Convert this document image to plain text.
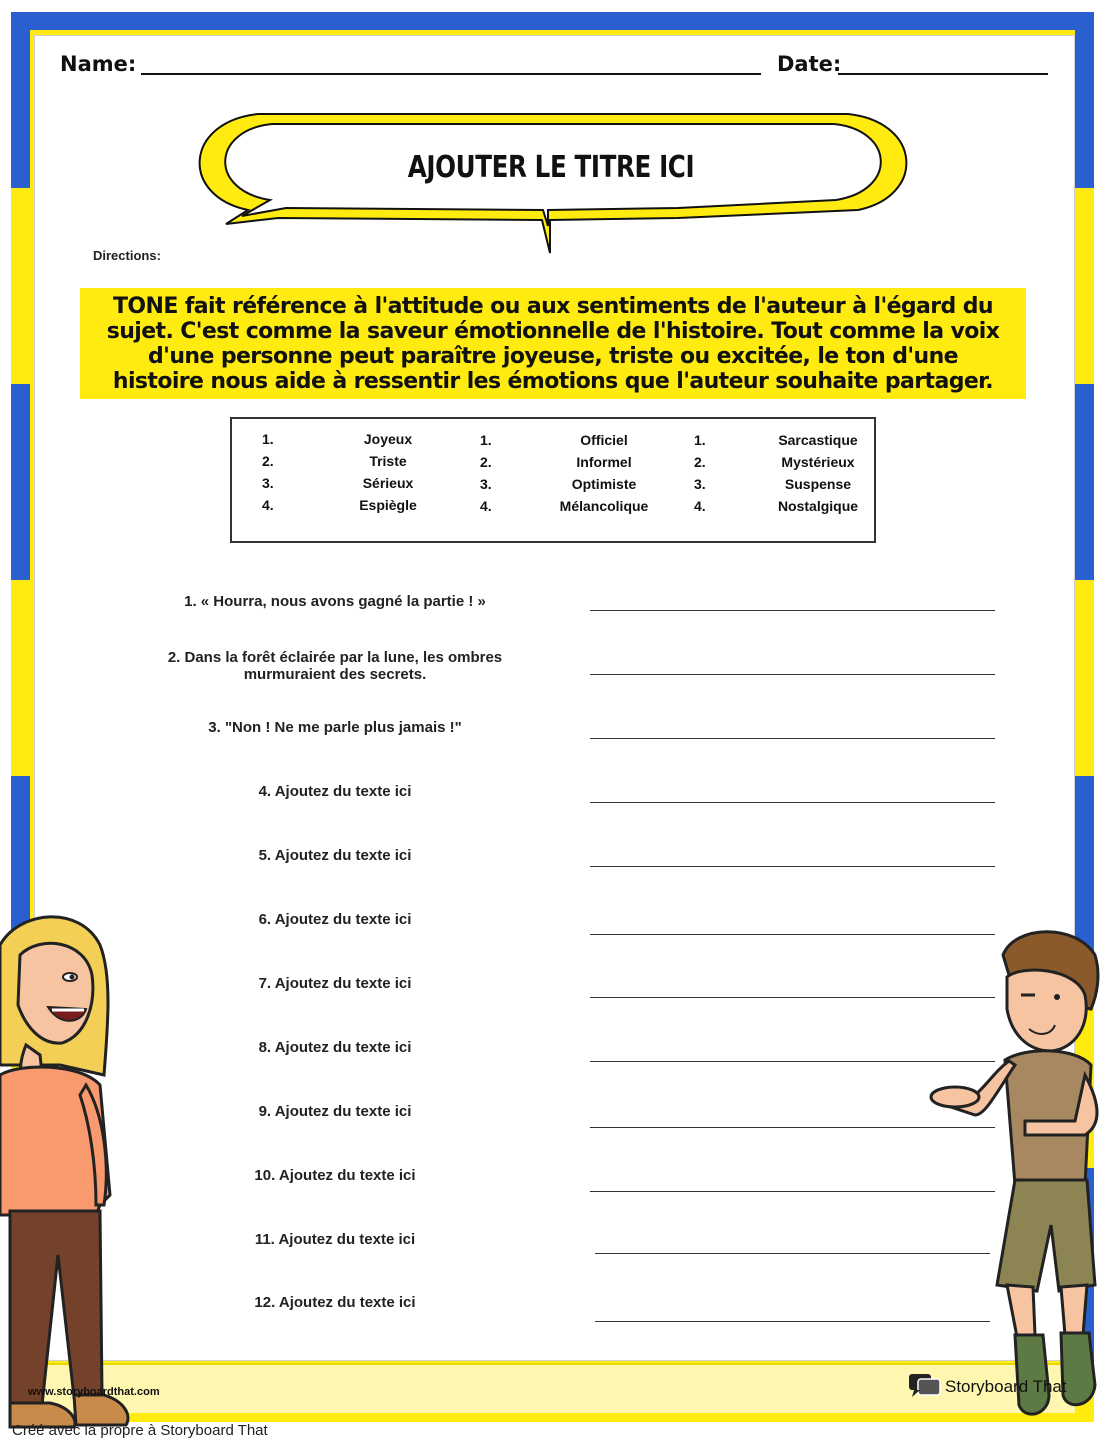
Name:	Date:
AJOUTER LE TITRE ICI
Directions:
TONE fait référence à l'attitude ou aux sentiments de l'auteur à l'égard du sujet. C'est comme la saveur émotionnelle de l'histoire. Tout comme la voix d'une personne peut paraître joyeuse, triste ou excitée, le ton d'une histoire nous aide à ressentir les émotions que l'auteur souhaite partager.
1.	Joyeux
2.	Triste
3.	Sérieux
4.	Espiègle
1.	Officiel
2.	Informel
3.	Optimiste
4.	Mélancolique
1.	Sarcastique
2.	Mystérieux
3.	Suspense
4.	Nostalgique
1. « Hourra, nous avons gagné la partie ! »
2. Dans la forêt éclairée par la lune, les ombres murmuraient des secrets.
3. "Non ! Ne me parle plus jamais !"
4. Ajoutez du texte ici
5. Ajoutez du texte ici
6. Ajoutez du texte ici
7. Ajoutez du texte ici
8. Ajoutez du texte ici
9. Ajoutez du texte ici
10. Ajoutez du texte ici
11. Ajoutez du texte ici
12. Ajoutez du texte ici
www.storyboardthat.com	Storyboard That
Créé avec la propre à Storyboard That
